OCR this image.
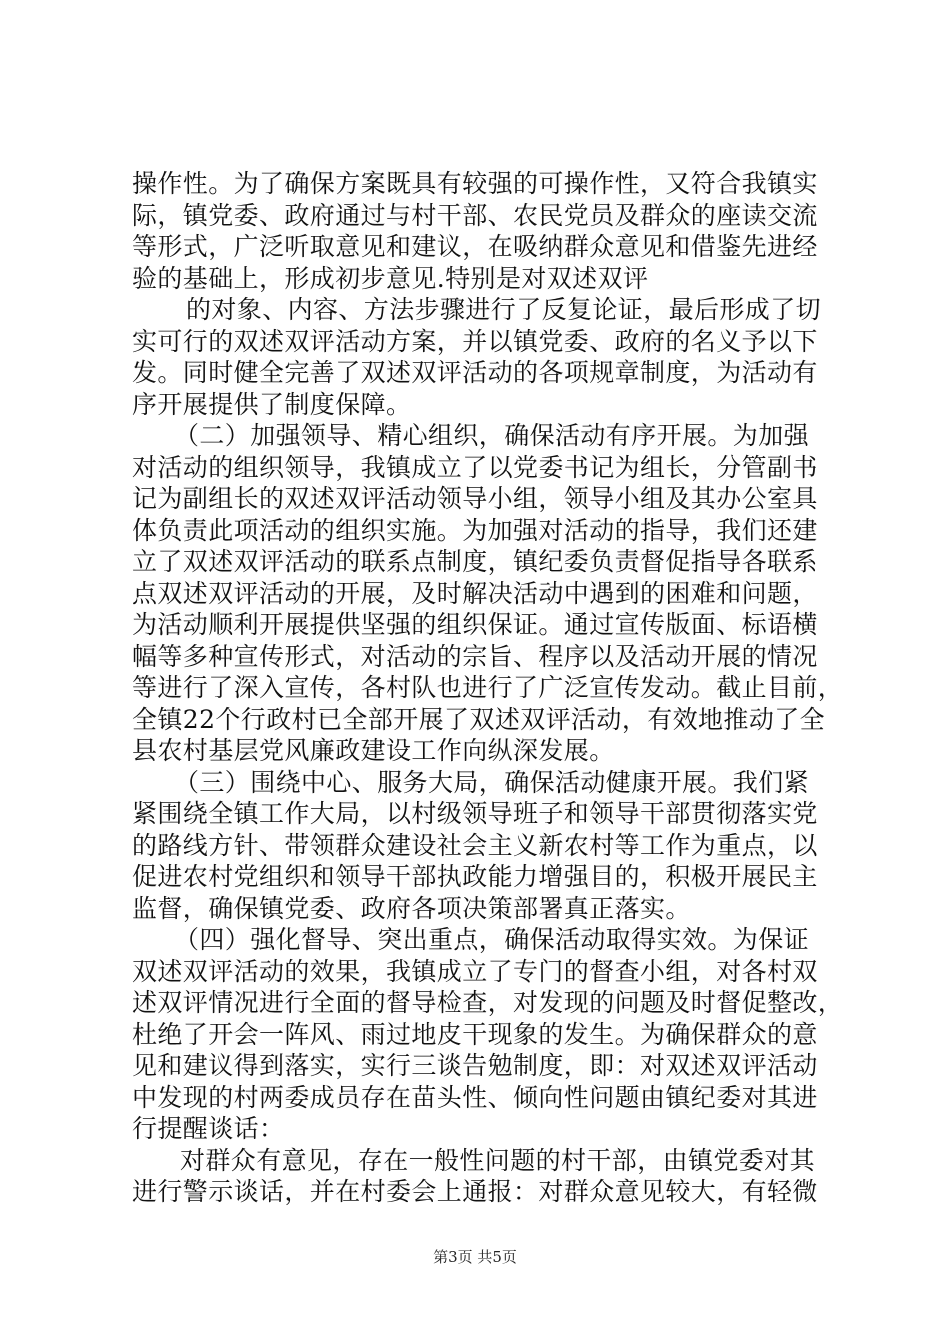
操作性。为了确保方案既具有较强的可操作性，又符合我镇实
际，镇党委、政府通过与村干部、农民党员及群众的座读交流
等形式，广泛听取意见和建议，在吸纳群众意见和借鉴先进经
验的基础上，形成初步意见.特别是对双述双评
的对象、内容、方法步骤进行了反复论证，最后形成了切
实可行的双述双评活动方案，并以镇党委、政府的名义予以下
发。同时健全完善了双述双评活动的各项规章制度，为活动有
序开展提供了制度保障。
（二）加强领导、精心组织，确保活动有序开展。为加强
对活动的组织领导，我镇成立了以党委书记为组长，分管副书
记为副组长的双述双评活动领导小组，领导小组及其办公室具
体负责此项活动的组织实施。为加强对活动的指导，我们还建
立了双述双评活动的联系点制度，镇纪委负责督促指导各联系
点双述双评活动的开展，及时解决活动中遇到的困难和问题，
为活动顺利开展提供坚强的组织保证。通过宣传版面、标语横
幅等多种宣传形式，对活动的宗旨、程序以及活动开展的情况
等进行了深入宣传，各村队也进行了广泛宣传发动。截止目前，
全镇22个行政村已全部开展了双述双评活动，有效地推动了全
县农村基层党风廉政建设工作向纵深发展。
（三）围绕中心、服务大局，确保活动健康开展。我们紧
紧围绕全镇工作大局，以村级领导班子和领导干部贯彻落实党
的路线方针、带领群众建设社会主义新农村等工作为重点，以
促进农村党组织和领导干部执政能力增强目的，积极开展民主
监督，确保镇党委、政府各项决策部署真正落实。
（四）强化督导、突出重点，确保活动取得实效。为保证
双述双评活动的效果，我镇成立了专门的督查小组，对各村双
述双评情况进行全面的督导检查，对发现的问题及时督促整改，
杜绝了开会一阵风、雨过地皮干现象的发生。为确保群众的意
见和建议得到落实，实行三谈告勉制度，即：对双述双评活动
中发现的村两委成员存在苗头性、倾向性问题由镇纪委对其进
行提醒谈话：
对群众有意见，存在一般性问题的村干部，由镇党委对其
进行警示谈话，并在村委会上通报：对群众意见较大，有轻微
第3页 共5页
